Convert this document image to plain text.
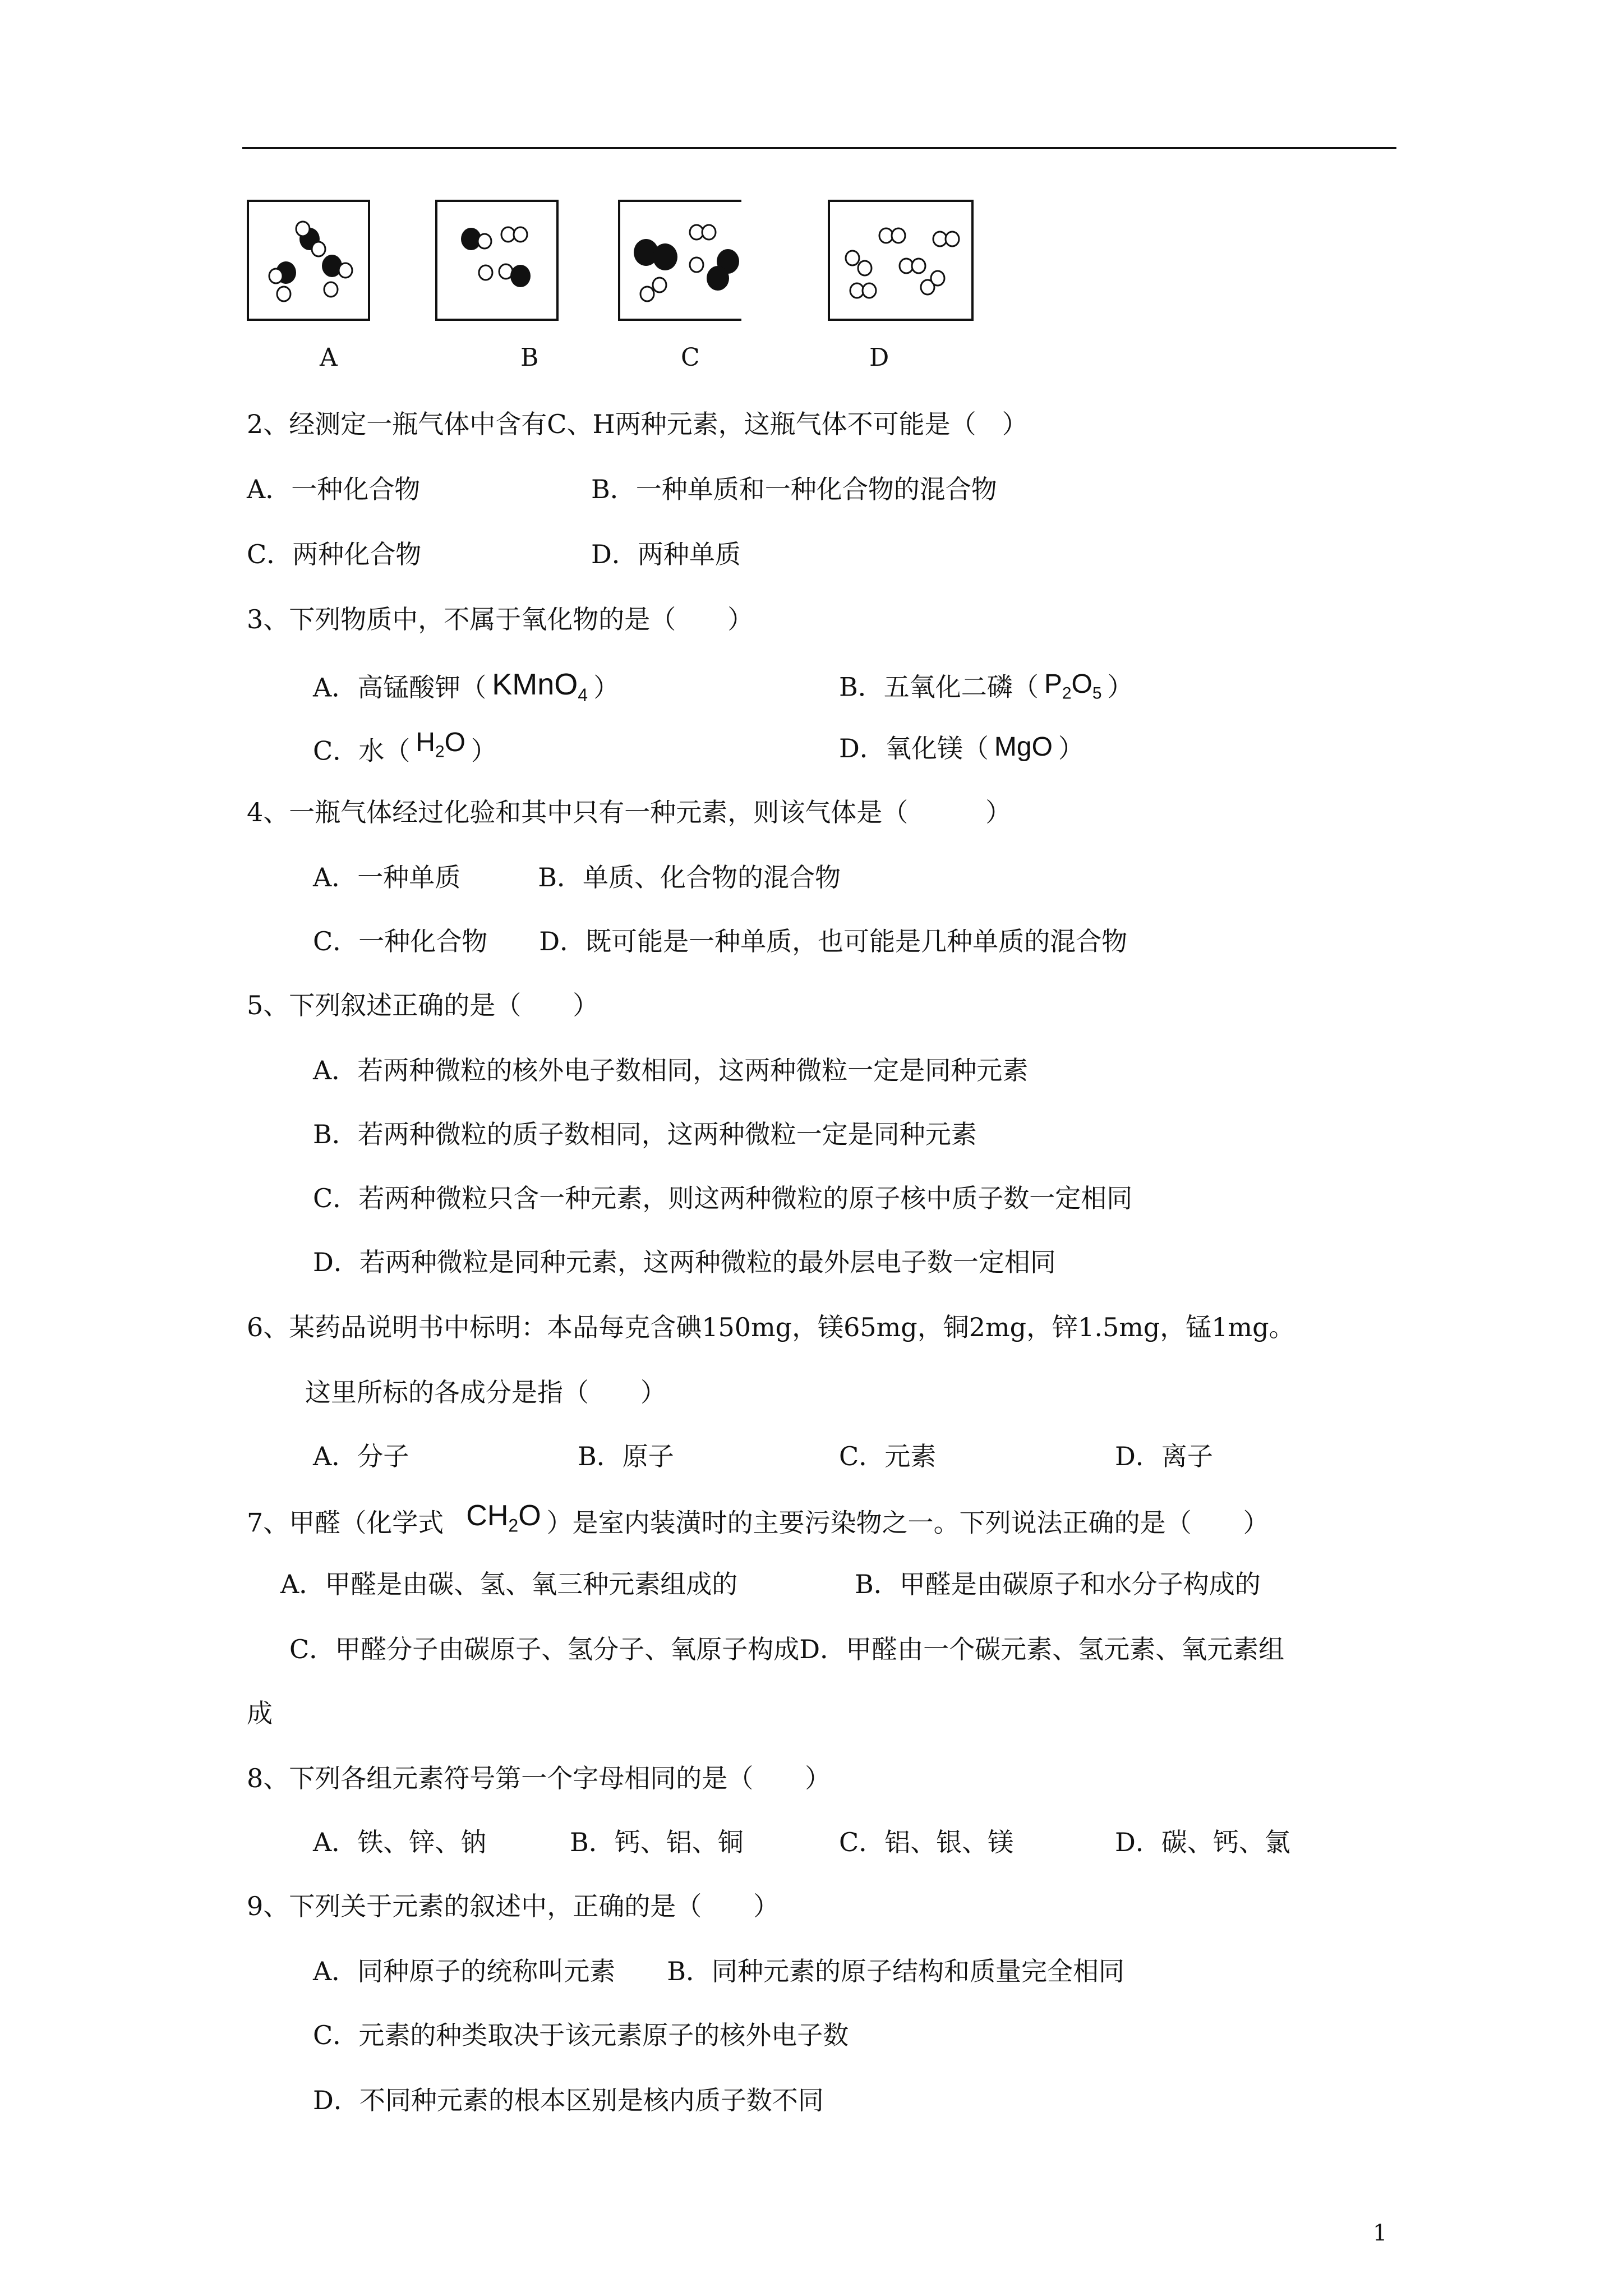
A	B	C	D
2、经测定一瓶气体中含有C、H两种元素，这瓶气体不可能是（　）
A．一种化合物	B．一种单质和一种化合物的混合物
C．两种化合物	D．两种单质
3、下列物质中，不属于氧化物的是（　　）
A．高锰酸钾（ KMnO$_4$ ）	B．五氧化二磷（ $P_2O_5$ ）
C．水（ $H_2O$ ）	D．氧化镁（ MgO ）
4、一瓶气体经过化验和其中只有一种元素，则该气体是（　　　）
A．一种单质　　　B．单质、化合物的混合物
C．一种化合物　　D．既可能是一种单质，也可能是几种单质的混合物
5、下列叙述正确的是（　　）
A．若两种微粒的核外电子数相同，这两种微粒一定是同种元素
B．若两种微粒的质子数相同，这两种微粒一定是同种元素
C．若两种微粒只含一种元素，则这两种微粒的原子核中质子数一定相同
D．若两种微粒是同种元素，这两种微粒的最外层电子数一定相同
6、某药品说明书中标明：本品每克含碘150mg，镁65mg，铜2mg，锌1.5mg，锰1mg。
这里所标的各成分是指（　　）
A．分子	B．原子	C．元素	D．离子
7、甲醛（化学式 $CH_2O$ ）是室内装潢时的主要污染物之一。下列说法正确的是（　　）
A．甲醛是由碳、氢、氧三种元素组成的	B．甲醛是由碳原子和水分子构成的
C．甲醛分子由碳原子、氢分子、氧原子构成D．甲醛由一个碳元素、氢元素、氧元素组
成
8、下列各组元素符号第一个字母相同的是（　　）
A．铁、锌、钠	B．钙、铝、铜	C．铝、银、镁	D．碳、钙、氯
9、下列关于元素的叙述中，正确的是（　　）
A．同种原子的统称叫元素　　B．同种元素的原子结构和质量完全相同
C．元素的种类取决于该元素原子的核外电子数
D．不同种元素的根本区别是核内质子数不同
1
